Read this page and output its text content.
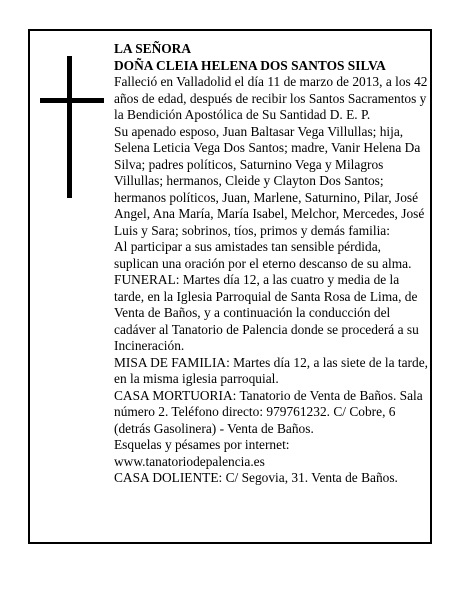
LA SEÑORA

DOÑA CLEIA HELENA DOS SANTOS SILVA

Falleció en Valladolid el día 11 de marzo de 2013, a los 42 años de edad, después de recibir los Santos Sacramentos y la Bendición Apostólica de Su Santidad D. E. P.

Su apenado esposo, Juan Baltasar Vega Villullas; hija, Selena Leticia Vega Dos Santos; madre, Vanir Helena Da Silva; padres políticos, Saturnino Vega y Milagros Villullas; hermanos, Cleide y Clayton Dos Santos; hermanos políticos, Juan, Marlene, Saturnino, Pilar, José Angel, Ana María, María Isabel, Melchor, Mercedes, José Luis y Sara; sobrinos, tíos, primos y demás familia:

Al participar a sus amistades tan sensible pérdida, suplican una oración por el eterno descanso de su alma.

FUNERAL: Martes día 12, a las cuatro y media de la tarde, en la Iglesia Parroquial de Santa Rosa de Lima, de Venta de Baños, y a continuación la conducción del cadáver al Tanatorio de Palencia donde se procederá a su Incineración.

MISA DE FAMILIA: Martes día 12, a las siete de la tarde, en la misma iglesia parroquial.

CASA MORTUORIA: Tanatorio de Venta de Baños. Sala número 2. Teléfono directo: 979761232. C/ Cobre, 6 (detrás Gasolinera) - Venta de Baños.

Esquelas y pésames por internet: www.tanatoriodepalencia.es

CASA DOLIENTE: C/ Segovia, 31. Venta de Baños.
